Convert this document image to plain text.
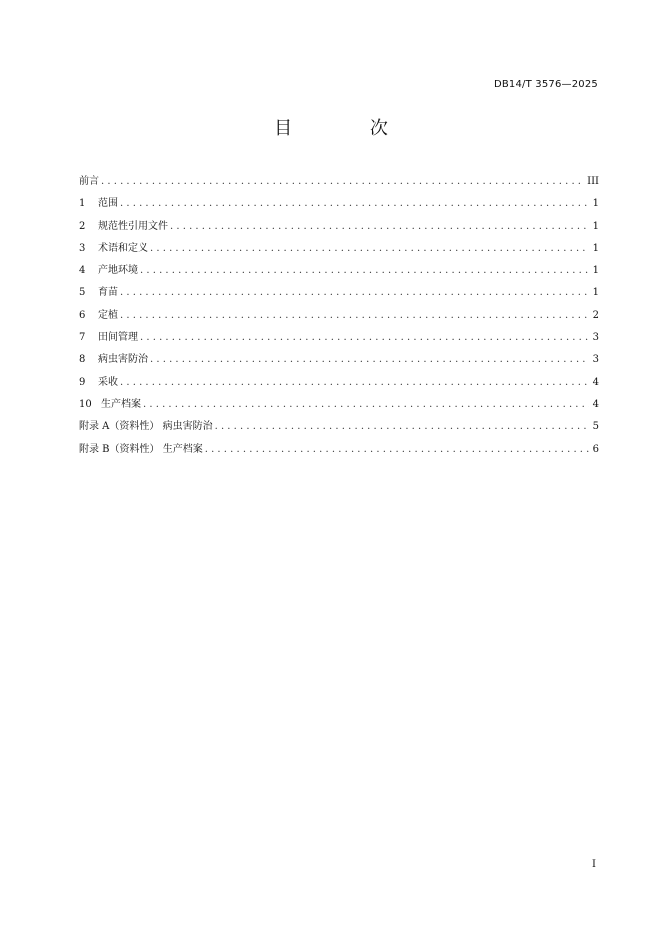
DB14/T 3576—2025
目 次
前言 . . .	III
1	范围 . . .	1
2	规范性引用文件 . . .	1
3	术语和定义 . . .	1
4	产地环境 . . .	1
5	育苗 . . .	1
6	定植 . . .	2
7	田间管理 . . .	3
8	病虫害防治 . . .	3
9	采收 . . .	4
10 生产档案 . . .	4
附录 A（资料性） 病虫害防治 . . .	5
附录 B（资料性） 生产档案 . . .	6
I
